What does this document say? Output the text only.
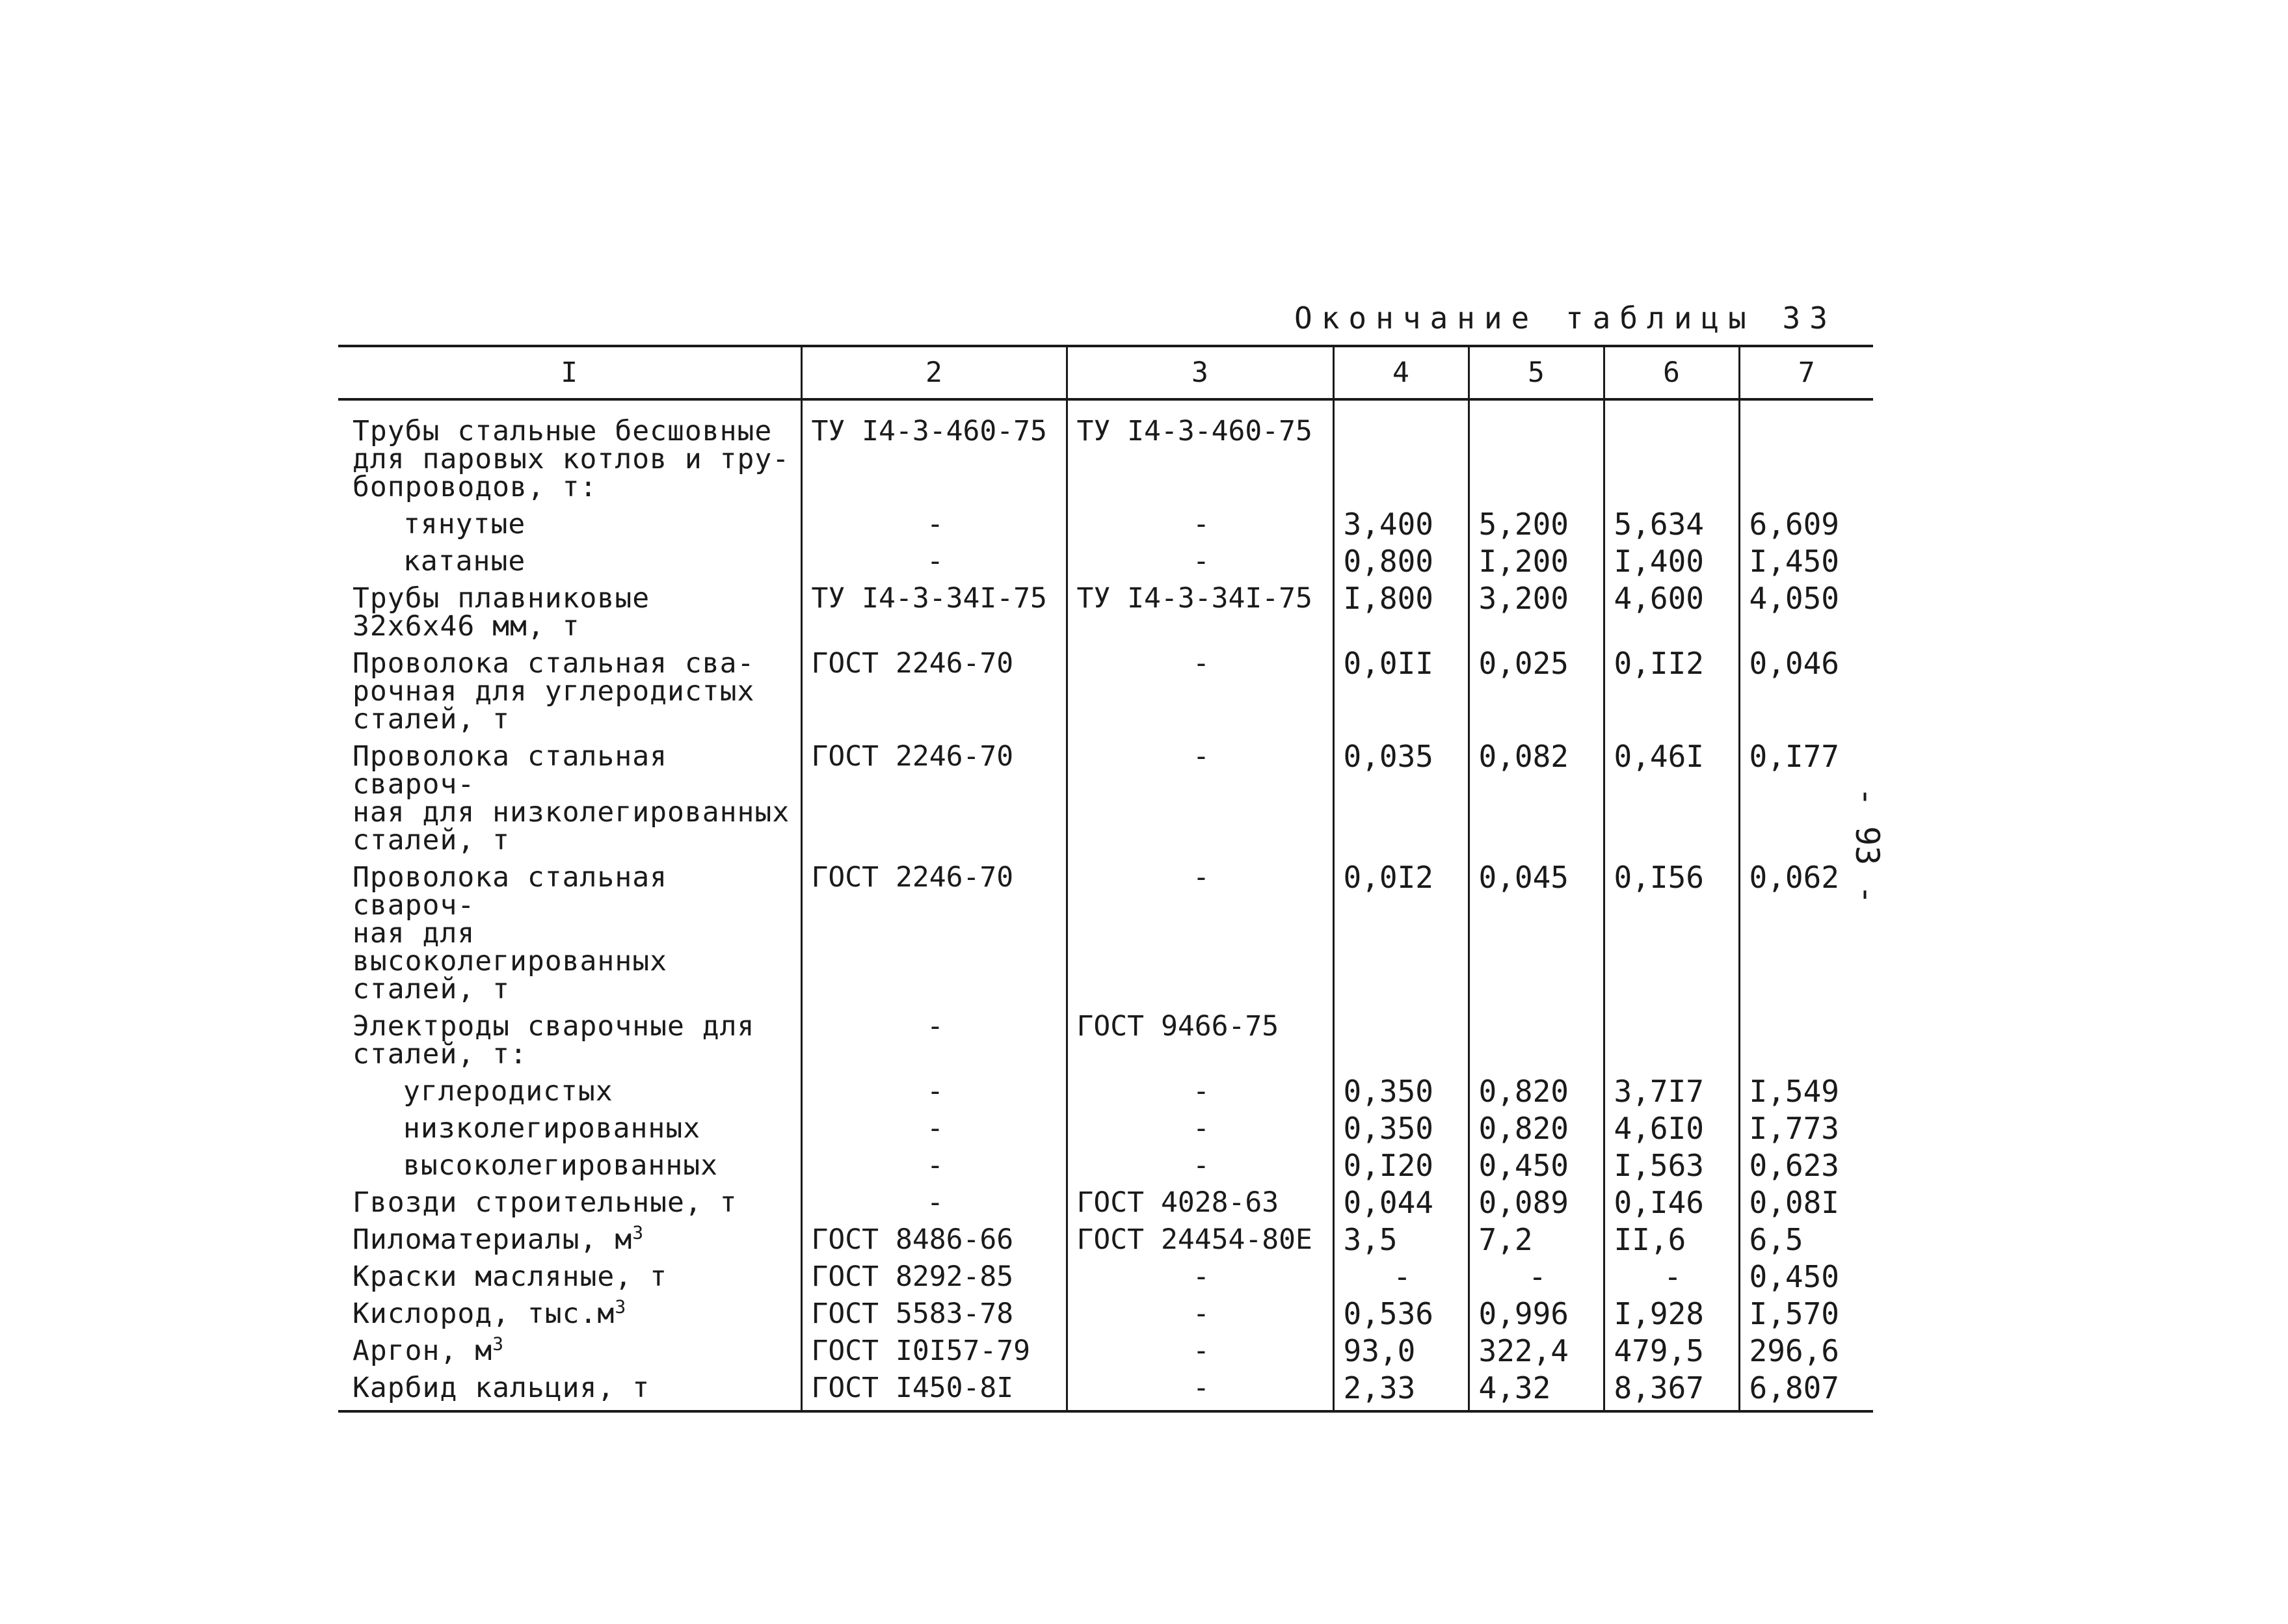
Окончание таблицы 33
I	2	3	4	5	6	7
Трубы стальные бесшовные
для паровых котлов и тру-
бопроводов, т:	ТУ I4-3-460-75	ТУ I4-3-460-75				
тянутые	-	-	3,400	5,200	5,634	6,609
катаные	-	-	0,800	I,200	I,400	I,450
Трубы плавниковые
32х6х46 мм, т	ТУ I4-3-34I-75	ТУ I4-3-34I-75	I,800	3,200	4,600	4,050
Проволока стальная сва-
рочная для углеродистых
сталей, т	ГОСТ 2246-70	-	0,0II	0,025	0,II2	0,046
Проволока стальная свароч-
ная для низколегированных
сталей, т	ГОСТ 2246-70	-	0,035	0,082	0,46I	0,I77
Проволока стальная свароч-
ная для высоколегированных
сталей, т	ГОСТ 2246-70	-	0,0I2	0,045	0,I56	0,062
Электроды сварочные для
сталей, т:	-	ГОСТ 9466-75				
углеродистых	-	-	0,350	0,820	3,7I7	I,549
низколегированных	-	-	0,350	0,820	4,6I0	I,773
высоколегированных	-	-	0,I20	0,450	I,563	0,623
Гвозди строительные, т	-	ГОСТ 4028-63	0,044	0,089	0,I46	0,08I
Пиломатериалы, $м^3$	ГОСТ 8486-66	ГОСТ 24454-80Е	3,5	7,2	II,6	6,5
Краски масляные, т	ГОСТ 8292-85	-	-	-	-	0,450
Кислород, $тыс.м^3$	ГОСТ 5583-78	-	0,536	0,996	I,928	I,570
Аргон, $м^3$	ГОСТ I0I57-79	-	93,0	322,4	479,5	296,6
Карбид кальция, т	ГОСТ I450-8I	-	2,33	4,32	8,367	6,807
- 93 -
